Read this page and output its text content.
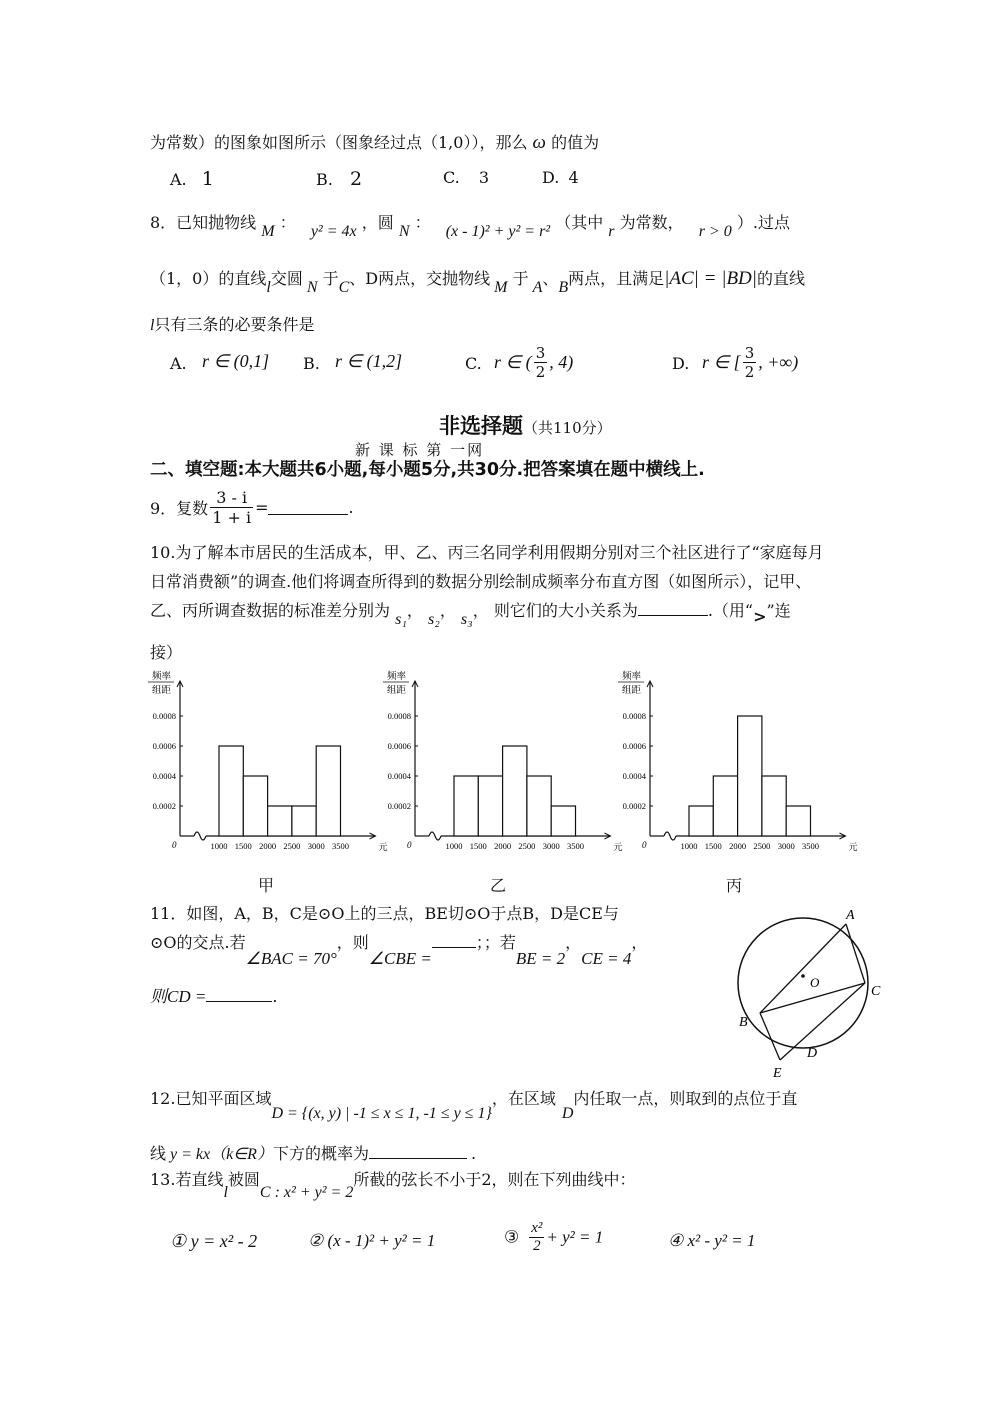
为常数）的图象如图所示（图象经过点（1,0）），那么 ω 的值为
A. 1	B. 2	C. 3	D. 4
8．已知抛物线 M ： y² = 4x ，圆 N ： (x - 1)² + y² = r² （其中 r 为常数， r > 0 ）.过点
（1，0）的直线l交圆 N 于C、D两点，交抛物线 M 于 A、B两点，且满足|AC| = |BD|的直线
l只有三条的必要条件是
A. r ∈ (0,1] B. r ∈ (1,2]	C. r ∈ ( $\frac{3}{2}$ , 4)	D. r ∈ [ $\frac{3}{2}$ , +∞)
非选择题（共110分）
新 课 标 第 一网
二、填空题:本大题共6小题,每小题5分,共30分.把答案填在题中横线上.
9．复数 $\frac{3 - i}{1 + i}$ =	.
10.为了解本市居民的生活成本，甲、乙、丙三名同学利用假期分别对三个社区进行了“家庭每月
日常消费额”的调查.他们将调查所得到的数据分别绘制成频率分布直方图（如图所示），记甲、
乙、丙所调查数据的标准差分别为 s₁， s₂， s₃， 则它们的大小关系为	.（用“>”连
接）
频率
组距
0.0002
0.0004
0.0006
0.0008
0	1000 1500 2000 2500 3000 3500	元
频率
组距
0.0002
0.0004
0.0006
0.0008
0	1000 1500 2000 2500 3000 3500	元
频率
组距
0.0002
0.0004
0.0006
0.0008
0	1000 1500 2000 2500 3000 3500	元
甲	乙	丙
11．如图，A，B，C是⊙O上的三点，BE切⊙O于点B，D是CE与
⊙O的交点.若∠BAC = 70°，则∠CBE =；；若BE = 2，CE = 4，
则CD =	.
A
C
B
D
E
O
12.已知平面区域D = {(x, y) | -1 ≤ x ≤ 1, -1 ≤ y ≤ 1}，在区域D内任取一点，则取到的点位于直
线 y = kx（k∈R）下方的概率为	.
13.若直线l被圆C : x² + y² = 2所截的弦长不小于2，则在下列曲线中：
① y = x² - 2	② (x - 1)² + y² = 1	③ $\frac{\text{x²}}{2} + y^2 = 1$	④ x² - y² = 1
